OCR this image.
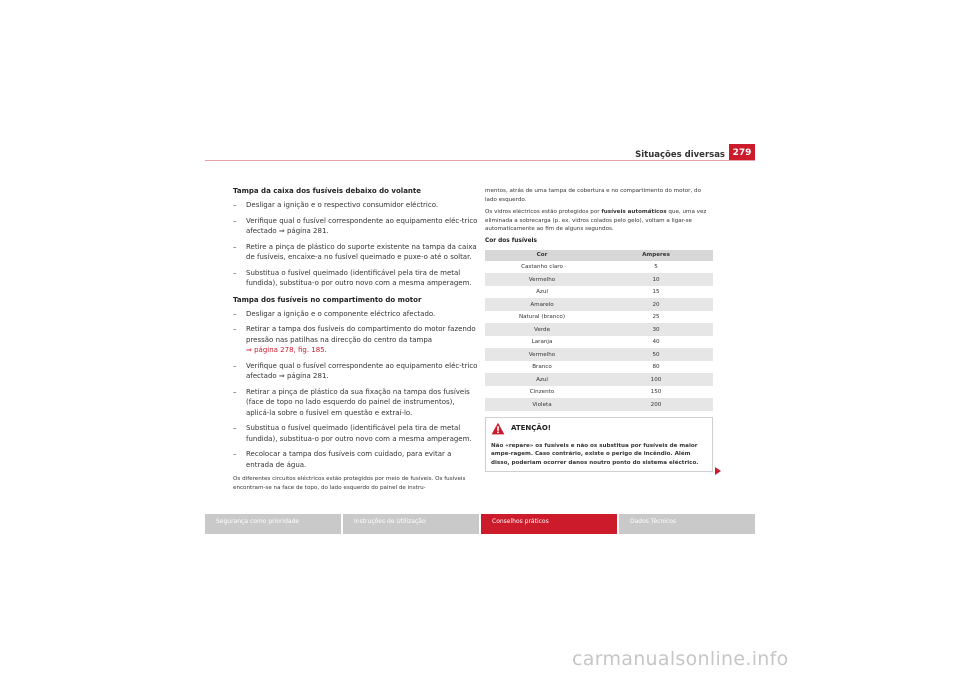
Situações diversas 279
Tampa da caixa dos fusíveis debaixo do volante
– Desligar a ignição e o respectivo consumidor eléctrico.
– Verifique qual o fusível correspondente ao equipamento eléc-trico afectado ⇒ página 281.
– Retire a pinça de plástico do suporte existente na tampa da caixa de fusíveis, encaixe-a no fusível queimado e puxe-o até o soltar.
– Substitua o fusível queimado (identificável pela tira de metal fundida), substitua-o por outro novo com a mesma amperagem.
Tampa dos fusíveis no compartimento do motor
– Desligar a ignição e o componente eléctrico afectado.
– Retirar a tampa dos fusíveis do compartimento do motor fazendo pressão nas patilhas na direcção do centro da tampa
⇒ página 278, fig. 185.
– Verifique qual o fusível correspondente ao equipamento eléc-trico afectado ⇒ página 281.
– Retirar a pinça de plástico da sua fixação na tampa dos fusíveis (face de topo no lado esquerdo do painel de instrumentos), aplicá-la sobre o fusível em questão e extraí-lo.
– Substitua o fusível queimado (identificável pela tira de metal fundida), substitua-o por outro novo com a mesma amperagem.
– Recolocar a tampa dos fusíveis com cuidado, para evitar a entrada de água.
Os diferentes circuitos eléctricos estão protegidos por meio de fusíveis. Os fusíveis encontram-se na face de topo, do lado esquerdo do painel de instru-
mentos, atrás de uma tampa de cobertura e no compartimento do motor, do lado esquerdo.
Os vidros eléctricos estão protegidos por fusíveis automáticos que, uma vez eliminada a sobrecarga (p. ex. vidros colados pelo gelo), voltam a ligar-se automaticamente ao fim de alguns segundos.
Cor dos fusíveis
Cor	Amperes
Castanho claro	5
Vermelho	10
Azul	15
Amarelo	20
Natural (branco)	25
Verde	30
Laranja	40
Vermelho	50
Branco	80
Azul	100
Cinzento	150
Violeta	200
ATENÇÃO!
Não «repare» os fusíveis e não os substitua por fusíveis de maior ampe-ragem. Caso contrário, existe o perigo de incêndio. Além disso, poderiam ocorrer danos noutro ponto do sistema eléctrico.
Segurança como prioridade	Instruções de Utilização	Conselhos práticos	Dados Técnicos
carmanualsonline.info
